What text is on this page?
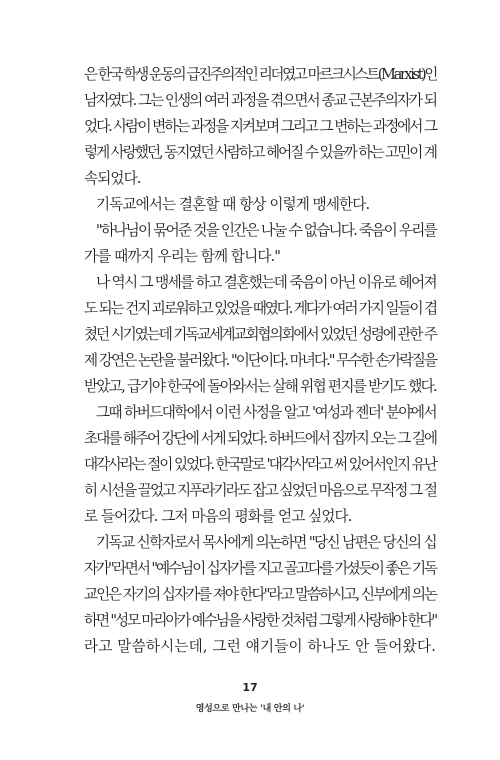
은 한국 학생 운동의 급진주의적인 리더였고 마르크시스트(Marxist)인
남자였다. 그는 인생의 여러 과정을 겪으면서 종교 근본주의자가 되
었다. 사람이 변하는 과정을 지켜보며 그리고 그 변하는 과정에서 그
렇게 사랑했던, 동지였던 사람하고 헤어질 수 있을까 하는 고민이 계
속되었다.
기독교에서는 결혼할 때 항상 이렇게 맹세한다.
"하나님이 묶어준 것을 인간은 나눌 수 없습니다. 죽음이 우리를
가를 때까지 우리는 함께 합니다."
나 역시 그 맹세를 하고 결혼했는데 죽음이 아닌 이유로 헤어져
도 되는 건지 괴로워하고 있었을 때였다. 게다가 여러 가지 일들이 겹
쳤던 시기였는데 기독교세계교회협의회에서 있었던 성령에 관한 주
제 강연은 논란을 불러왔다. "이단이다. 마녀다." 무수한 손가락질을
받았고, 급기야 한국에 돌아와서는 살해 위협 편지를 받기도 했다.
그때 하버드대학에서 이런 사정을 알고 '여성과 젠더' 분야에서
초대를 해주어 강단에 서게 되었다. 하버드에서 집까지 오는 그 길에
대각사라는 절이 있었다. 한국말로 '대각사'라고 써 있어서인지 유난
히 시선을 끌었고 지푸라기라도 잡고 싶었던 마음으로 무작정 그 절
로 들어갔다. 그저 마음의 평화를 얻고 싶었다.
기독교 신학자로서 목사에게 의논하면 "당신 남편은 당신의 십
자가"라면서 "예수님이 십자가를 지고 골고다를 가셨듯이 좋은 기독
교인은 자기의 십자가를 져야 한다"라고 말씀하시고, 신부에게 의논
하면 "성모 마리아가 예수님을 사랑한 것처럼 그렇게 사랑해야 한다"
라고 말씀하시는데, 그런 얘기들이 하나도 안 들어왔다.
17
영성으로 만나는 '내 안의 나'
